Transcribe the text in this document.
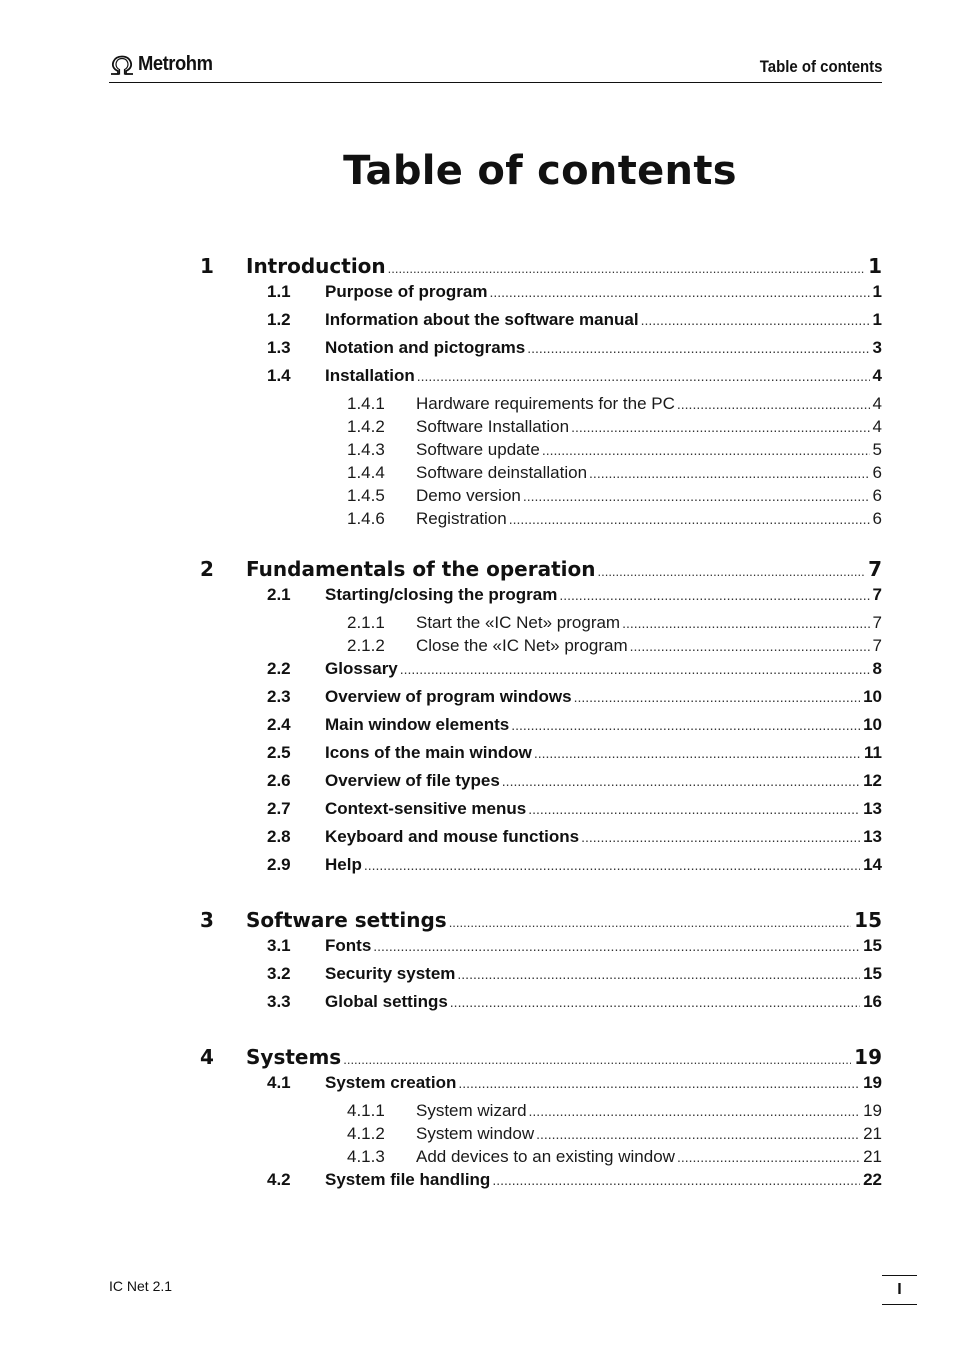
Metrohm	Table of contents
Table of contents
1	Introduction .....	1
1.1	Purpose of program .....	1
1.2	Information about the software manual .....	1
1.3	Notation and pictograms .....	3
1.4	Installation .....	4
1.4.1	Hardware requirements for the PC .....	4
1.4.2	Software Installation .....	4
1.4.3	Software update .....	5
1.4.4	Software deinstallation .....	6
1.4.5	Demo version .....	6
1.4.6	Registration .....	6
2	Fundamentals of the operation .....	7
2.1	Starting/closing the program .....	7
2.1.1	Start the «IC Net» program .....	7
2.1.2	Close the «IC Net» program .....	7
2.2	Glossary .....	8
2.3	Overview of program windows .....	10
2.4	Main window elements .....	10
2.5	Icons of the main window .....	11
2.6	Overview of file types .....	12
2.7	Context-sensitive menus .....	13
2.8	Keyboard and mouse functions .....	13
2.9	Help .....	14
3	Software settings .....	15
3.1	Fonts .....	15
3.2	Security system .....	15
3.3	Global settings .....	16
4	Systems .....	19
4.1	System creation .....	19
4.1.1	System wizard .....	19
4.1.2	System window .....	21
4.1.3	Add devices to an existing window .....	21
4.2	System file handling .....	22
IC Net 2.1	I
